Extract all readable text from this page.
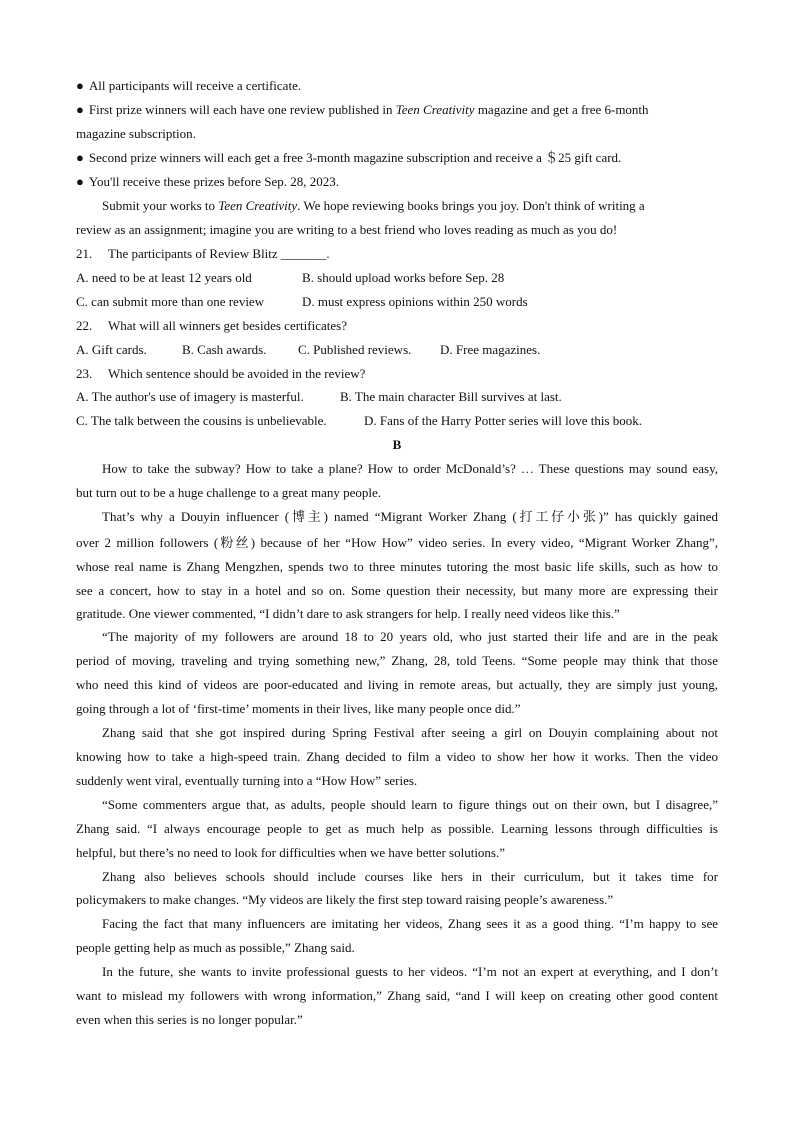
● All participants will receive a certificate.
● First prize winners will each have one review published in Teen Creativity magazine and get a free 6-month
magazine subscription.
● Second prize winners will each get a free 3-month magazine subscription and receive a ＄25 gift card.
● You'll receive these prizes before Sep. 28, 2023.
Submit your works to Teen Creativity. We hope reviewing books brings you joy. Don't think of writing a
review as an assignment; imagine you are writing to a best friend who loves reading as much as you do!
21. The participants of Review Blitz _______.
A. need to be at least 12 years old	B. should upload works before Sep. 28
C. can submit more than one review	D. must express opinions within 250 words
22. What will all winners get besides certificates?
A. Gift cards.	B. Cash awards. C. Published reviews. D. Free magazines.
23. Which sentence should be avoided in the review?
A. The author's use of imagery is masterful.	B. The main character Bill survives at last.
C. The talk between the cousins is unbelievable.	D. Fans of the Harry Potter series will love this book.
B
How to take the subway? How to take a plane? How to order McDonald’s? … These questions may sound easy,
but turn out to be a huge challenge to a great many people.
That’s why a Douyin influencer (博主) named “Migrant Worker Zhang (打工仔小张)” has quickly gained
over 2 million followers (粉丝) because of her “How How” video series. In every video, “Migrant Worker Zhang”,
whose real name is Zhang Mengzhen, spends two to three minutes tutoring the most basic life skills, such as how to
see a concert, how to stay in a hotel and so on. Some question their necessity, but many more are expressing their
gratitude. One viewer commented, “I didn’t dare to ask strangers for help. I really need videos like this.”
“The majority of my followers are around 18 to 20 years old, who just started their life and are in the peak
period of moving, traveling and trying something new,” Zhang, 28, told Teens. “Some people may think that those
who need this kind of videos are poor-educated and living in remote areas, but actually, they are simply just young,
going through a lot of ‘first-time’ moments in their lives, like many people once did.”
Zhang said that she got inspired during Spring Festival after seeing a girl on Douyin complaining about not
knowing how to take a high-speed train. Zhang decided to film a video to show her how it works. Then the video
suddenly went viral, eventually turning into a “How How” series.
“Some commenters argue that, as adults, people should learn to figure things out on their own, but I disagree,”
Zhang said. “I always encourage people to get as much help as possible. Learning lessons through difficulties is
helpful, but there’s no need to look for difficulties when we have better solutions.”
Zhang also believes schools should include courses like hers in their curriculum, but it takes time for
policymakers to make changes. “My videos are likely the first step toward raising people’s awareness.”
Facing the fact that many influencers are imitating her videos, Zhang sees it as a good thing. “I’m happy to see
people getting help as much as possible,” Zhang said.
In the future, she wants to invite professional guests to her videos. “I’m not an expert at everything, and I don’t
want to mislead my followers with wrong information,” Zhang said, “and I will keep on creating other good content
even when this series is no longer popular.”
